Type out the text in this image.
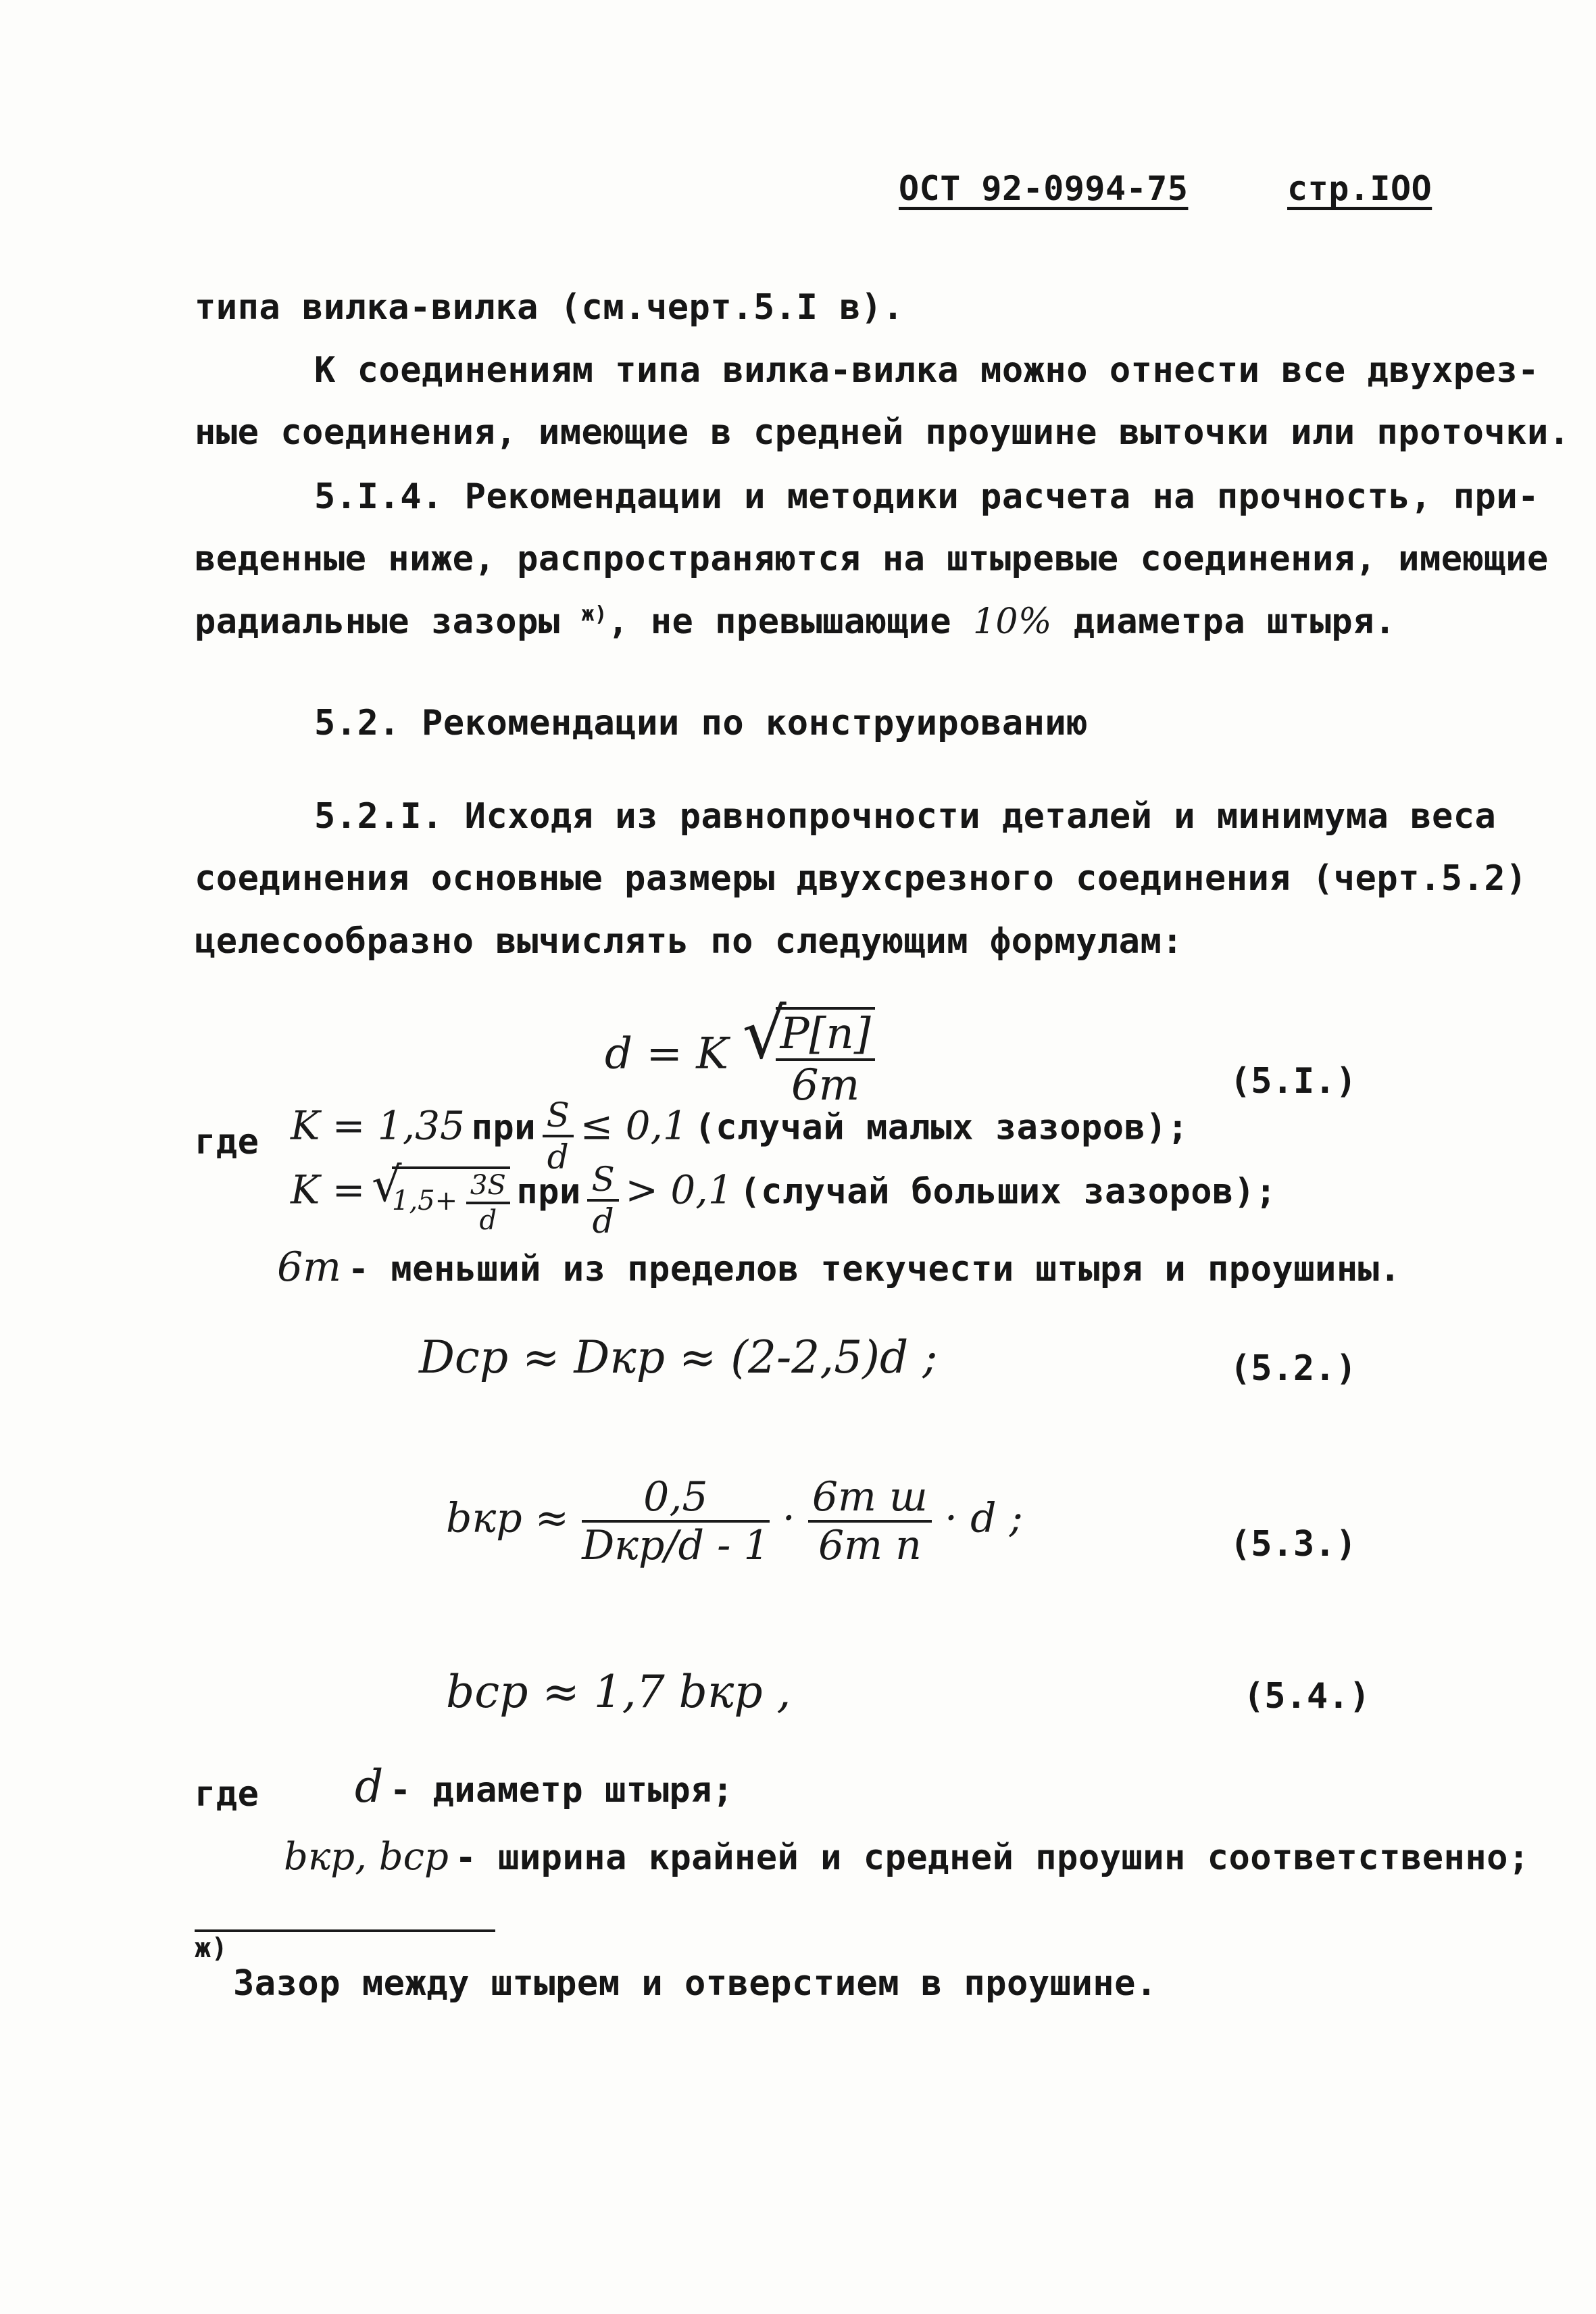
ОСТ 92-0994-75	стр.IOO
типа вилка-вилка (см.черт.5.I в).
К соединениям типа вилка-вилка можно отнести все двухрез-
ные соединения, имеющие в средней проушине выточки или проточки.
5.I.4. Рекомендации и методики расчета на прочность, при-
веденные ниже, распространяются на штыревые соединения, имеющие
радиальные зазоры $^{ж)}$, не превышающие 10% диаметра штыря.
5.2. Рекомендации по конструированию
5.2.I. Исходя из равнопрочности деталей и минимума веса
соединения основные размеры двухсрезного соединения (черт.5.2)
целесообразно вычислять по следующим формулам:
d = K √
$\frac{P[n]}{6т}$	(5.I.)
где K = 1,35 при $\frac{S}{d} \le 0,1$ (случай малых зазоров);
K = √
$1,5+ \frac{3S}{d}$ при $\frac{S}{d} > 0,1$ (случай больших зазоров);
6т - меньший из пределов текучести штыря и проушины.
Dср ≈ Dкр ≈ (2-2,5)d ;	(5.2.)
bкр ≈ $\frac{0,5}{\text{Dкр/d - 1}} \cdot \frac{\text{6т ш}}{\text{6т п}} \cdot d$ ;
(5.3.)
bср ≈ 1,7 bкр ,	(5.4.)
где d - диаметр штыря;
bкр, bср - ширина крайней и средней проушин соответственно;
ж)
Зазор между штырем и отверстием в проушине.
